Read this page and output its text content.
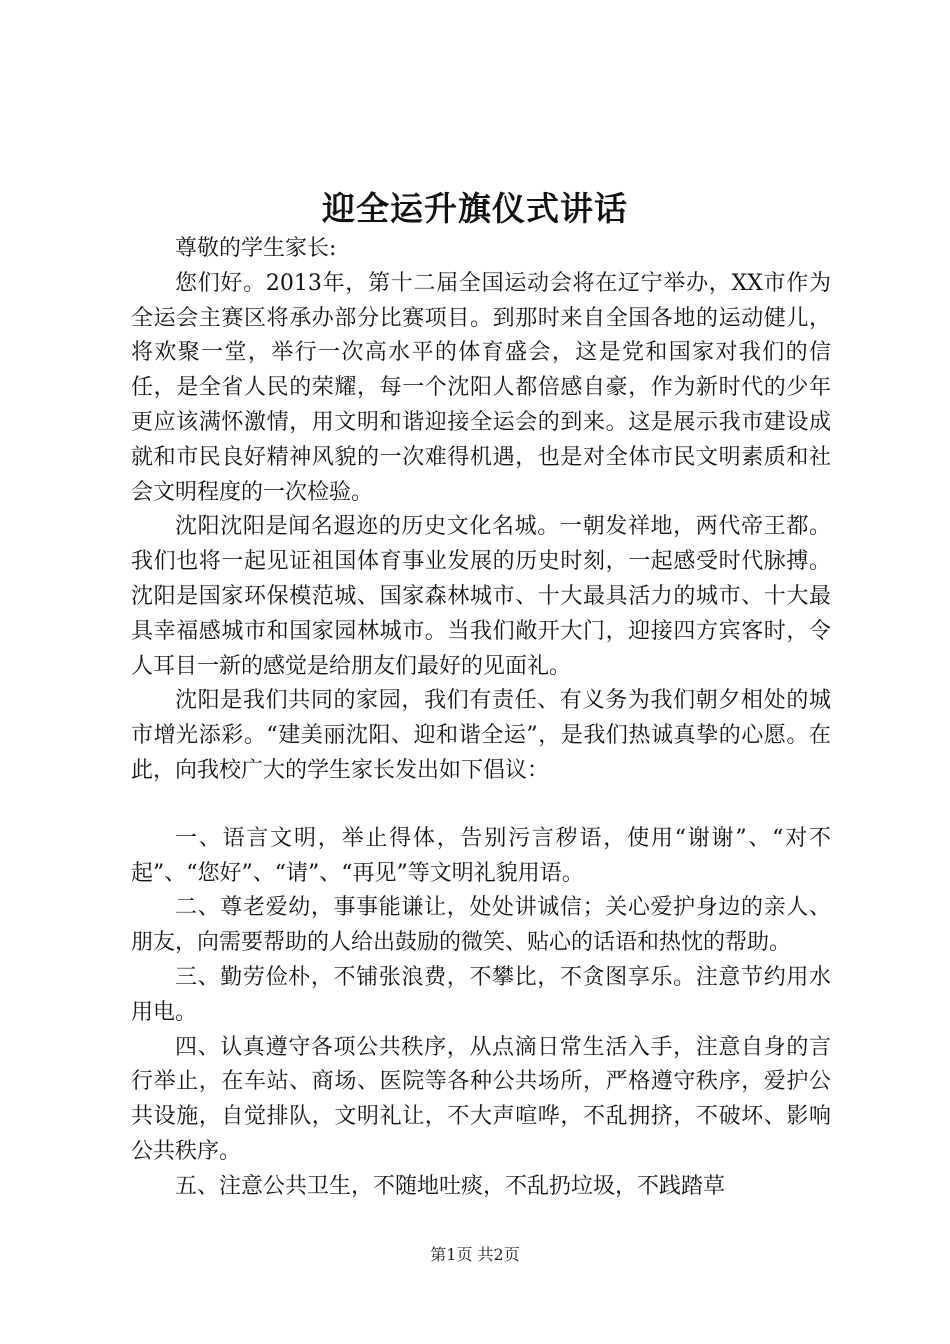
迎全运升旗仪式讲话

尊敬的学生家长:

您们好。2013年，第十二届全国运动会将在辽宁举办，XX市作为全运会主赛区将承办部分比赛项目。到那时来自全国各地的运动健儿，将欢聚一堂，举行一次高水平的体育盛会，这是党和国家对我们的信任，是全省人民的荣耀，每一个沈阳人都倍感自豪，作为新时代的少年更应该满怀激情，用文明和谐迎接全运会的到来。这是展示我市建设成就和市民良好精神风貌的一次难得机遇，也是对全体市民文明素质和社会文明程度的一次检验。

沈阳沈阳是闻名遐迩的历史文化名城。一朝发祥地，两代帝王都。我们也将一起见证祖国体育事业发展的历史时刻，一起感受时代脉搏。沈阳是国家环保模范城、国家森林城市、十大最具活力的城市、十大最具幸福感城市和国家园林城市。当我们敞开大门，迎接四方宾客时，令人耳目一新的感觉是给朋友们最好的见面礼。

沈阳是我们共同的家园，我们有责任、有义务为我们朝夕相处的城市增光添彩。“建美丽沈阳、迎和谐全运”，是我们热诚真挚的心愿。在此，向我校广大的学生家长发出如下倡议：

一、语言文明，举止得体，告别污言秽语，使用“谢谢”、“对不起”、“您好”、“请”、“再见”等文明礼貌用语。

二、尊老爱幼，事事能谦让，处处讲诚信；关心爱护身边的亲人、朋友，向需要帮助的人给出鼓励的微笑、贴心的话语和热忱的帮助。

三、勤劳俭朴，不铺张浪费，不攀比，不贪图享乐。注意节约用水用电。

四、认真遵守各项公共秩序，从点滴日常生活入手，注意自身的言行举止，在车站、商场、医院等各种公共场所，严格遵守秩序，爱护公共设施，自觉排队，文明礼让，不大声喧哗，不乱拥挤，不破坏、影响公共秩序。

五、注意公共卫生，不随地吐痰，不乱扔垃圾，不践踏草

第1页 共2页
